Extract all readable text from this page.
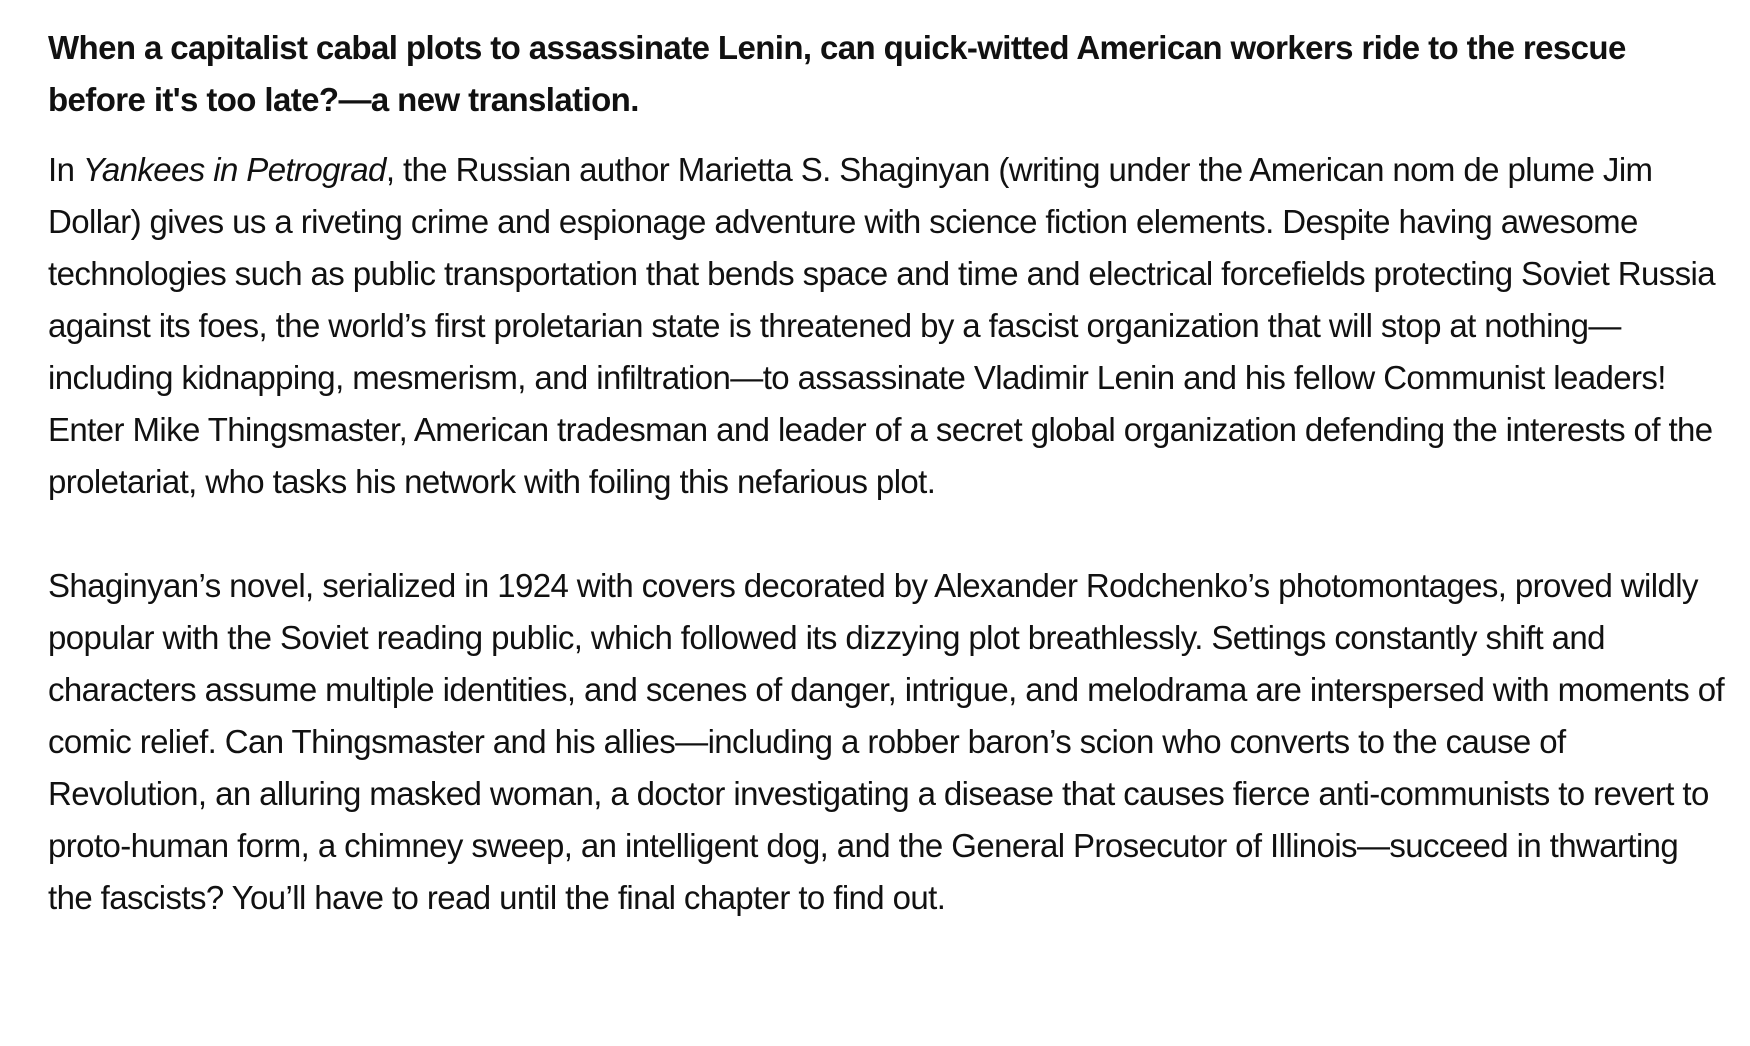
When a capitalist cabal plots to assassinate Lenin, can quick-witted American workers ride to the rescue before it's too late?—a new translation.

In Yankees in Petrograd, the Russian author Marietta S. Shaginyan (writing under the American nom de plume Jim Dollar) gives us a riveting crime and espionage adventure with science fiction elements. Despite having awesome technologies such as public transportation that bends space and time and electrical forcefields protecting Soviet Russia against its foes, the world’s first proletarian state is threatened by a fascist organization that will stop at nothing—including kidnapping, mesmerism, and infiltration—to assassinate Vladimir Lenin and his fellow Communist leaders! Enter Mike Thingsmaster, American tradesman and leader of a secret global organization defending the interests of the proletariat, who tasks his network with foiling this nefarious plot.

Shaginyan’s novel, serialized in 1924 with covers decorated by Alexander Rodchenko’s photomontages, proved wildly popular with the Soviet reading public, which followed its dizzying plot breathlessly. Settings constantly shift and characters assume multiple identities, and scenes of danger, intrigue, and melodrama are interspersed with moments of comic relief. Can Thingsmaster and his allies—including a robber baron’s scion who converts to the cause of Revolution, an alluring masked woman, a doctor investigating a disease that causes fierce anti-communists to revert to proto-human form, a chimney sweep, an intelligent dog, and the General Prosecutor of Illinois—succeed in thwarting the fascists? You’ll have to read until the final chapter to find out.
